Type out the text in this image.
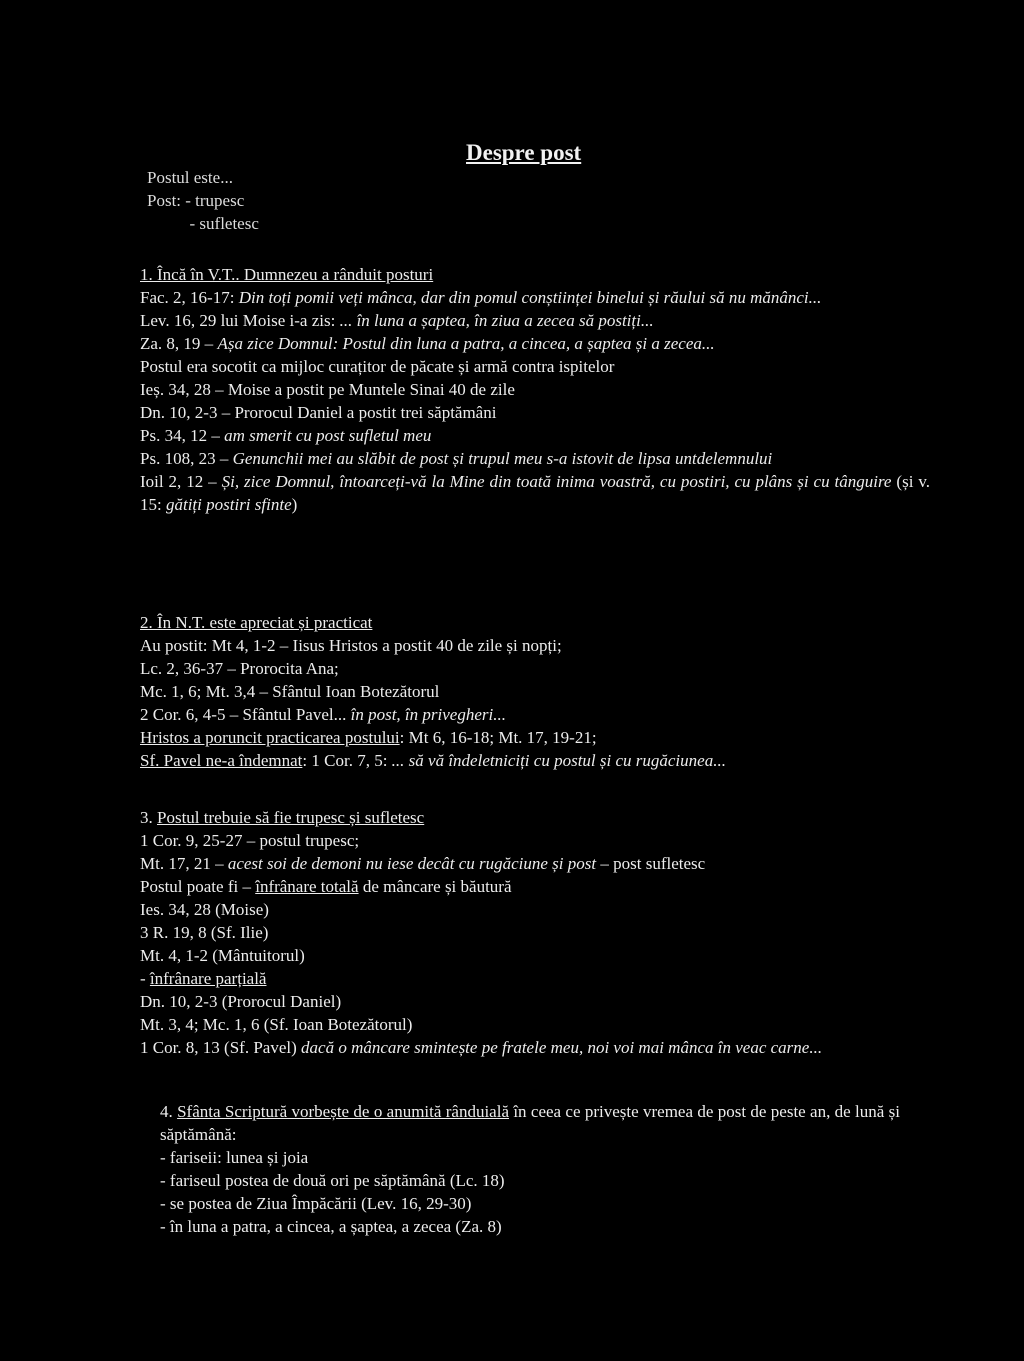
Despre post
Postul este...
Post: - trupesc
- sufletesc
1. Încă în V.T.. Dumnezeu a rânduit posturi
Fac. 2, 16-17: Din toți pomii veți mânca, dar din pomul conștiinței binelui și răului să nu mănânci...
Lev. 16, 29 lui Moise i-a zis: ... în luna a șaptea, în ziua a zecea să postiți...
Za. 8, 19 – Așa zice Domnul: Postul din luna a patra, a cincea, a șaptea și a zecea...
Postul era socotit ca mijloc curațitor de păcate și armă contra ispitelor
Ieș. 34, 28 – Moise a postit pe Muntele Sinai 40 de zile
Dn. 10, 2-3 – Prorocul Daniel a postit trei săptămâni
Ps. 34, 12 – am smerit cu post sufletul meu
Ps. 108, 23 – Genunchii mei au slăbit de post și trupul meu s-a istovit de lipsa untdelemnului
Ioil 2, 12 – Și, zice Domnul, întoarceți-vă la Mine din toată inima voastră, cu postiri, cu plâns și cu tânguire (și v. 15: gătiți postiri sfinte)
2. În N.T. este apreciat și practicat
Au postit: Mt 4, 1-2 – Iisus Hristos a postit 40 de zile și nopți;
Lc. 2, 36-37 – Prorocita Ana;
Mc. 1, 6; Mt. 3,4 – Sfântul Ioan Botezătorul
2 Cor. 6, 4-5 – Sfântul Pavel... în post, în privegheri...
Hristos a poruncit practicarea postului: Mt 6, 16-18; Mt. 17, 19-21;
Sf. Pavel ne-a îndemnat: 1 Cor. 7, 5: ... să vă îndeletniciți cu postul și cu rugăciunea...
3. Postul trebuie să fie trupesc și sufletesc
1 Cor. 9, 25-27 – postul trupesc;
Mt. 17, 21 – acest soi de demoni nu iese decât cu rugăciune și post – post sufletesc
Postul poate fi – înfrânare totală de mâncare și băutură
Ies. 34, 28 (Moise)
3 R. 19, 8 (Sf. Ilie)
Mt. 4, 1-2 (Mântuitorul)
- înfrânare parțială
Dn. 10, 2-3 (Prorocul Daniel)
Mt. 3, 4; Mc. 1, 6 (Sf. Ioan Botezătorul)
1 Cor. 8, 13 (Sf. Pavel) dacă o mâncare smintește pe fratele meu, noi voi mai mânca în veac carne...
4. Sfânta Scriptură vorbește de o anumită rânduială în ceea ce privește vremea de post de peste an, de lună și săptămână:
- fariseii: lunea și joia
- fariseul postea de două ori pe săptămână (Lc. 18)
- se postea de Ziua Împăcării (Lev. 16, 29-30)
- în luna a patra, a cincea, a șaptea, a zecea (Za. 8)
